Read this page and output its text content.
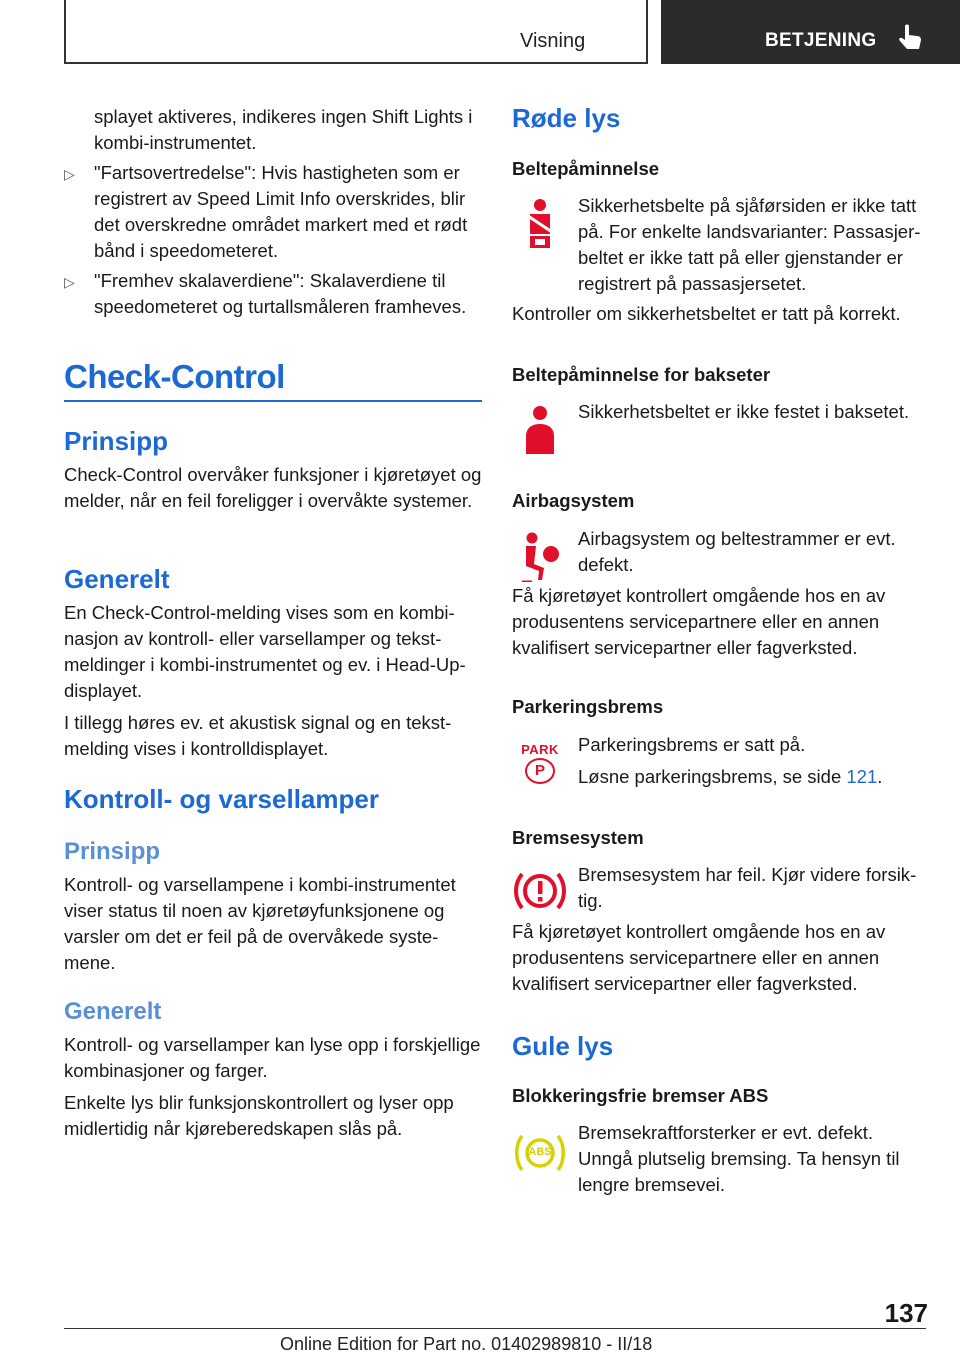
Visning	BETJENING

splayet aktiveres, indikeres ingen Shift Lights i kombi-instrumentet.

▷ "Fartsovertredelse": Hvis hastigheten som er registrert av Speed Limit Info overskrides, blir det overskredne området markert med et rødt bånd i speedometeret.
▷ "Fremhev skalaverdiene": Skalaverdiene til speedometeret og turtallsmåleren framheves.
Check-Control
Prinsipp

Check-Control overvåker funksjoner i kjøretøyet og melder, når en feil foreligger i overvåkte systemer.

Generelt

En Check-Control-melding vises som en kombinasjon av kontroll- eller varsellamper og tekstmeldinger i kombi-instrumentet og ev. i Head-Up-displayet.

I tillegg høres ev. et akustisk signal og en tekstmelding vises i kontrolldisplayet.

Kontroll- og varsellamper
Prinsipp

Kontroll- og varsellampene i kombi-instrumentet viser status til noen av kjøretøyfunksjonene og varsler om det er feil på de overvåkede systemene.

Generelt

Kontroll- og varsellamper kan lyse opp i forskjellige kombinasjoner og farger.

Enkelte lys blir funksjonskontrollert og lyser opp midlertidig når kjøreberedskapen slås på.

Røde lys
Beltepåminnelse

Sikkerhetsbelte på sjåførsiden er ikke tatt på. For enkelte landsvarianter: Passasjerbeltet er ikke tatt på eller gjenstander er registrert på passasjersetet.

Kontroller om sikkerhetsbeltet er tatt på korrekt.

Beltepåminnelse for bakseter

Sikkerhetsbeltet er ikke festet i baksetet.

Airbagsystem

Airbagsystem og beltestrammer er evt. defekt.

Få kjøretøyet kontrollert omgående hos en av produsentens servicepartnere eller en annen kvalifisert servicepartner eller fagverksted.

Parkeringsbrems
PARK
P

Parkeringsbrems er satt på.

Løsne parkeringsbrems, se side 121.

Bremsesystem

Bremsesystem har feil. Kjør videre forsiktig.

Få kjøretøyet kontrollert omgående hos en av produsentens servicepartnere eller en annen kvalifisert servicepartner eller fagverksted.

Gule lys
Blokkeringsfrie bremser ABS
ABS

Bremsekraftforsterker er evt. defekt. Unngå plutselig bremsing. Ta hensyn til lengre bremsevei.

137
Online Edition for Part no. 01402989810 - II/18
